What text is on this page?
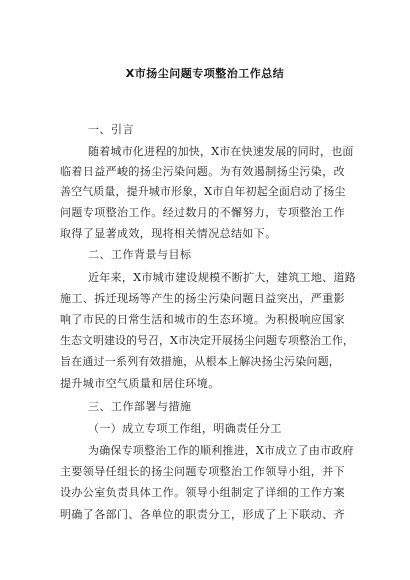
X市扬尘问题专项整治工作总结
一、引言
随着城市化进程的加快，X市在快速发展的同时，也面
临着日益严峻的扬尘污染问题。为有效遏制扬尘污染，改
善空气质量，提升城市形象，X市自年初起全面启动了扬尘
问题专项整治工作。经过数月的不懈努力，专项整治工作
取得了显著成效，现将相关情况总结如下。
二、工作背景与目标
近年来，X市城市建设规模不断扩大，建筑工地、道路
施工、拆迁现场等产生的扬尘污染问题日益突出，严重影
响了市民的日常生活和城市的生态环境。为积极响应国家
生态文明建设的号召，X市决定开展扬尘问题专项整治工作，
旨在通过一系列有效措施，从根本上解决扬尘污染问题，
提升城市空气质量和居住环境。
三、工作部署与措施
（一）成立专项工作组，明确责任分工
为确保专项整治工作的顺利推进，X市成立了由市政府
主要领导任组长的扬尘问题专项整治工作领导小组，并下
设办公室负责具体工作。领导小组制定了详细的工作方案
明确了各部门、各单位的职责分工，形成了上下联动、齐
